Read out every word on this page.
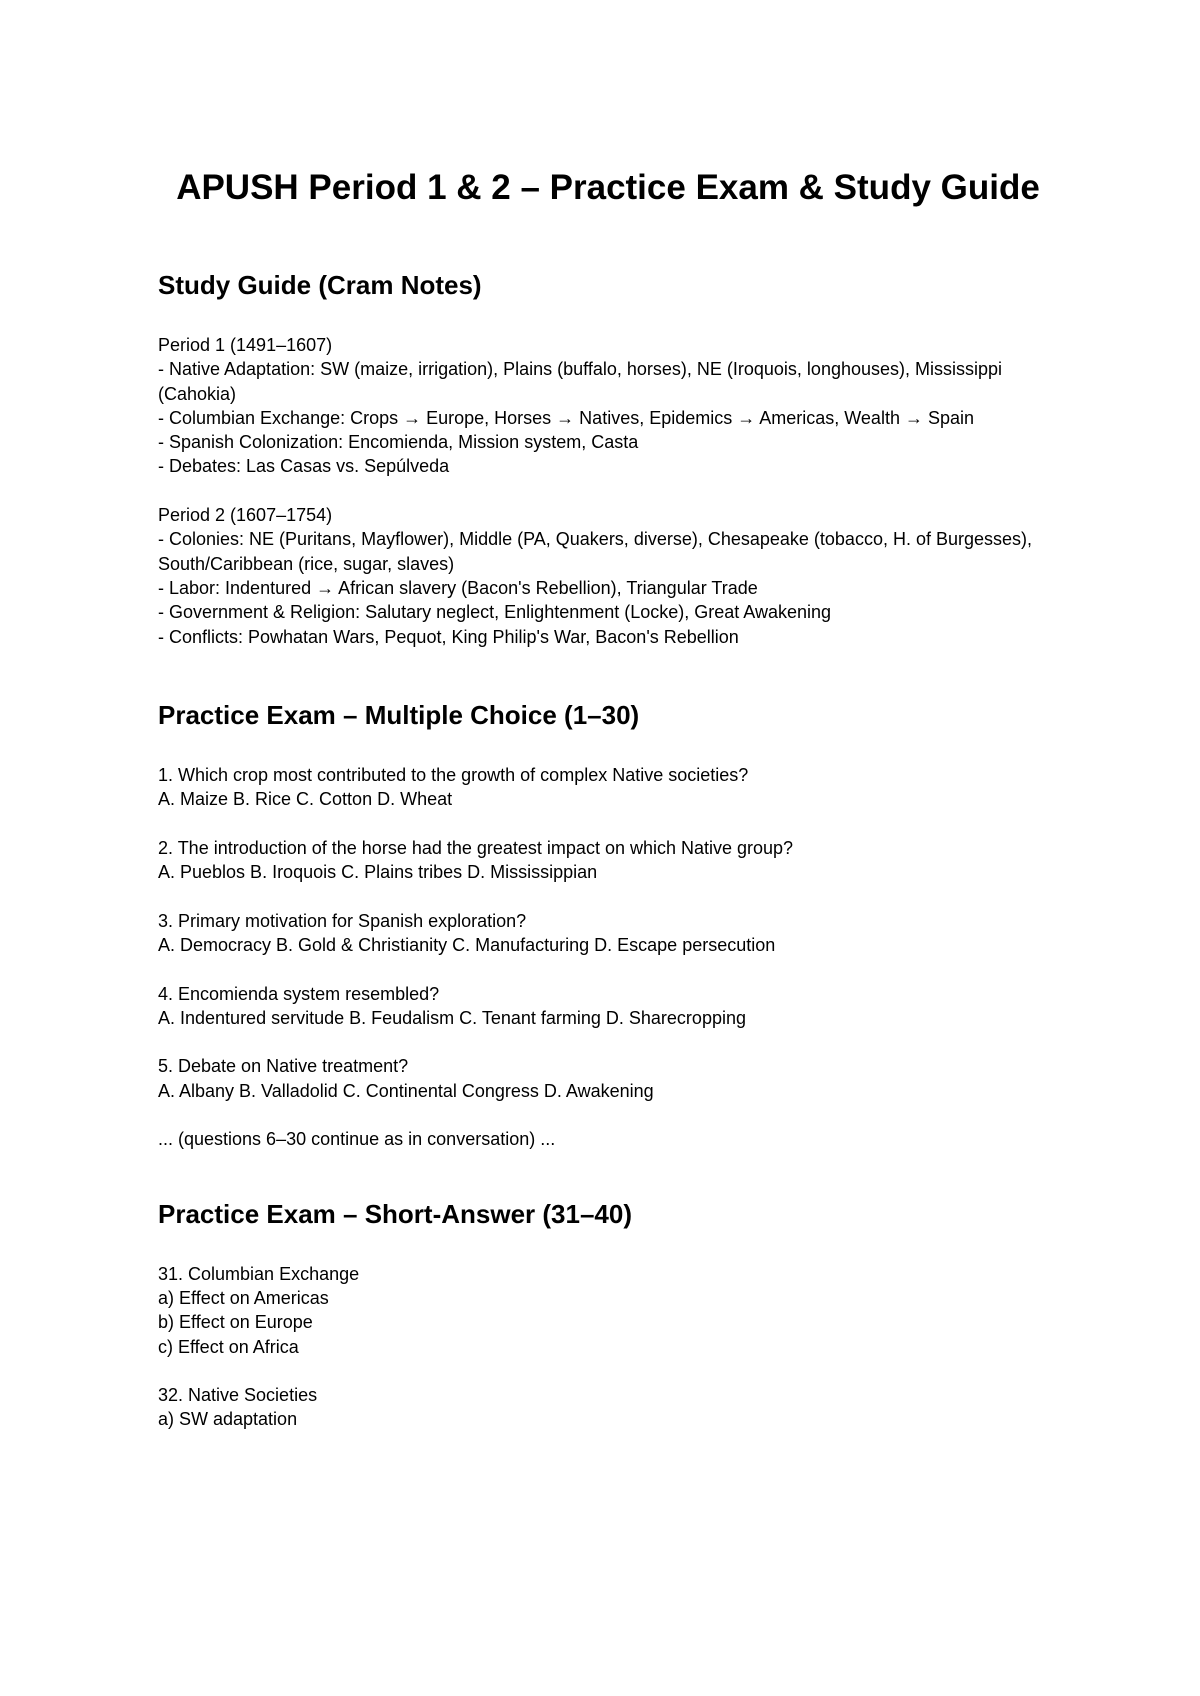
APUSH Period 1 & 2 – Practice Exam & Study Guide
Study Guide (Cram Notes)
Period 1 (1491–1607)
- Native Adaptation: SW (maize, irrigation), Plains (buffalo, horses), NE (Iroquois, longhouses), Mississippi (Cahokia)
- Columbian Exchange: Crops → Europe, Horses → Natives, Epidemics → Americas, Wealth → Spain
- Spanish Colonization: Encomienda, Mission system, Casta
- Debates: Las Casas vs. Sepúlveda
Period 2 (1607–1754)
- Colonies: NE (Puritans, Mayflower), Middle (PA, Quakers, diverse), Chesapeake (tobacco, H. of Burgesses), South/Caribbean (rice, sugar, slaves)
- Labor: Indentured → African slavery (Bacon's Rebellion), Triangular Trade
- Government & Religion: Salutary neglect, Enlightenment (Locke), Great Awakening
- Conflicts: Powhatan Wars, Pequot, King Philip's War, Bacon's Rebellion
Practice Exam – Multiple Choice (1–30)
1. Which crop most contributed to the growth of complex Native societies?
A. Maize B. Rice C. Cotton D. Wheat
2. The introduction of the horse had the greatest impact on which Native group?
A. Pueblos B. Iroquois C. Plains tribes D. Mississippian
3. Primary motivation for Spanish exploration?
A. Democracy B. Gold & Christianity C. Manufacturing D. Escape persecution
4. Encomienda system resembled?
A. Indentured servitude B. Feudalism C. Tenant farming D. Sharecropping
5. Debate on Native treatment?
A. Albany B. Valladolid C. Continental Congress D. Awakening
... (questions 6–30 continue as in conversation) ...
Practice Exam – Short-Answer (31–40)
31. Columbian Exchange
a) Effect on Americas
b) Effect on Europe
c) Effect on Africa
32. Native Societies
a) SW adaptation
